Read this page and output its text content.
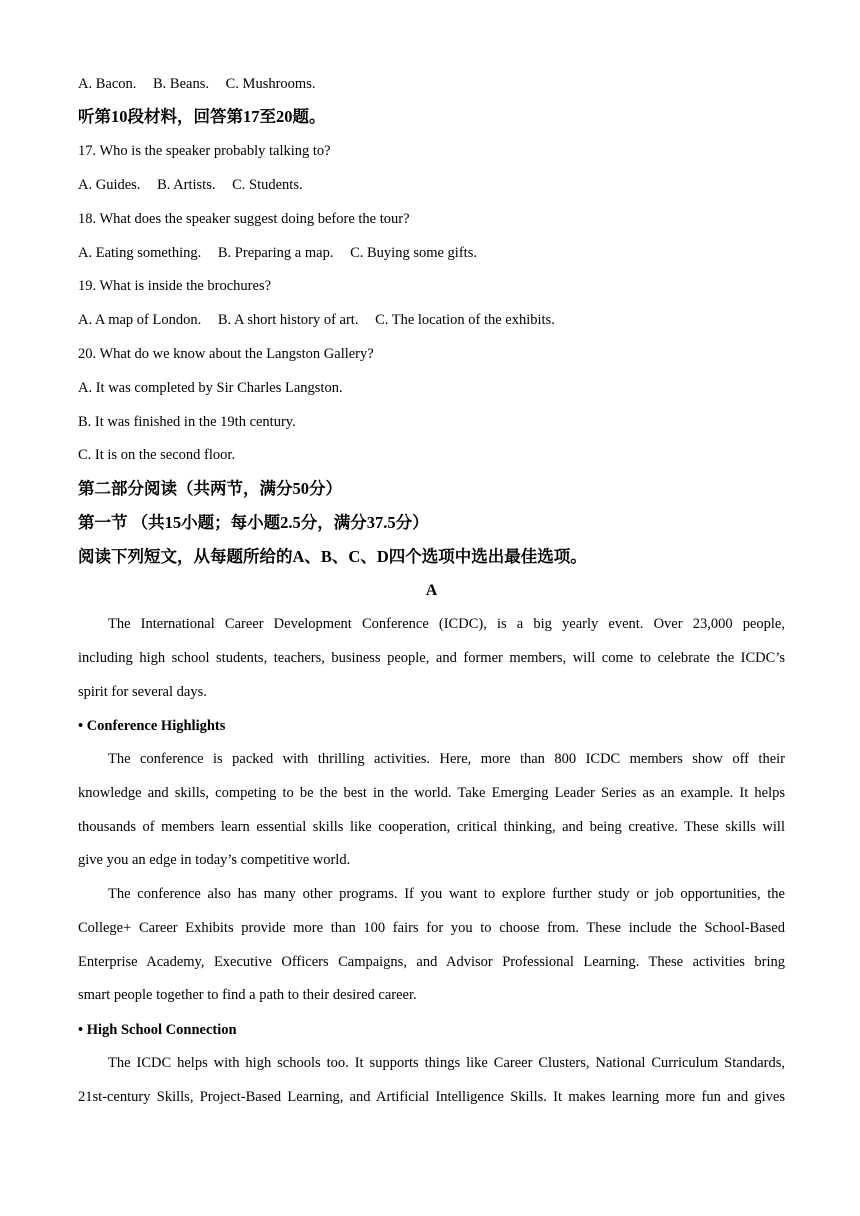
A. Bacon. B. Beans. C. Mushrooms.
听第10段材料，回答第17至20题。
17. Who is the speaker probably talking to?
A. Guides. B. Artists. C. Students.
18. What does the speaker suggest doing before the tour?
A. Eating something. B. Preparing a map. C. Buying some gifts.
19. What is inside the brochures?
A. A map of London. B. A short history of art. C. The location of the exhibits.
20. What do we know about the Langston Gallery?
A. It was completed by Sir Charles Langston.
B. It was finished in the 19th century.
C. It is on the second floor.
第二部分阅读（共两节，满分50分）
第一节 （共15小题；每小题2.5分，满分37.5分）
阅读下列短文，从每题所给的A、B、C、D四个选项中选出最佳选项。
A
The International Career Development Conference (ICDC), is a big yearly event. Over 23,000 people,
including high school students, teachers, business people, and former members, will come to celebrate the ICDC’s
spirit for several days.
• Conference Highlights
The conference is packed with thrilling activities. Here, more than 800 ICDC members show off their
knowledge and skills, competing to be the best in the world. Take Emerging Leader Series as an example. It helps
thousands of members learn essential skills like cooperation, critical thinking, and being creative. These skills will
give you an edge in today’s competitive world.
The conference also has many other programs. If you want to explore further study or job opportunities, the
College+ Career Exhibits provide more than 100 fairs for you to choose from. These include the School-Based
Enterprise Academy, Executive Officers Campaigns, and Advisor Professional Learning. These activities bring
smart people together to find a path to their desired career.
• High School Connection
The ICDC helps with high schools too. It supports things like Career Clusters, National Curriculum Standards,
21st-century Skills, Project-Based Learning, and Artificial Intelligence Skills. It makes learning more fun and gives
